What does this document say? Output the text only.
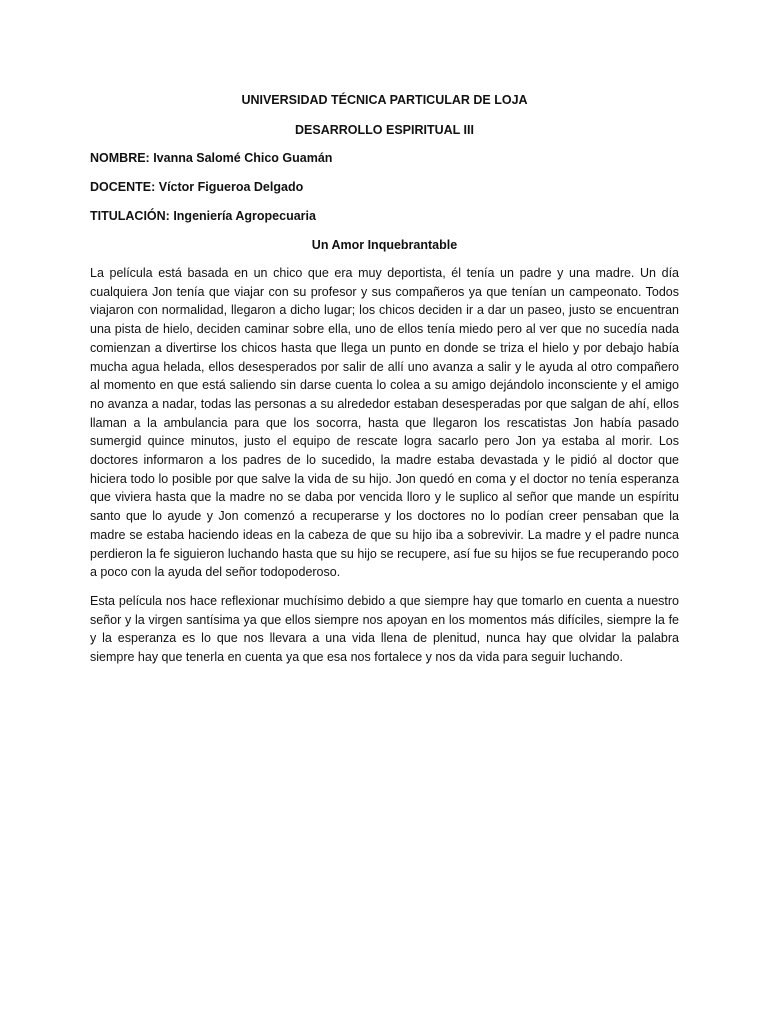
UNIVERSIDAD TÉCNICA PARTICULAR DE LOJA

DESARROLLO ESPIRITUAL III

NOMBRE: Ivanna Salomé Chico Guamán

DOCENTE: Víctor Figueroa Delgado

TITULACIÓN: Ingeniería Agropecuaria

Un Amor Inquebrantable

La película está basada en un chico que era muy deportista, él tenía un padre y una madre. Un día cualquiera Jon tenía que viajar con su profesor y sus compañeros ya que tenían un campeonato. Todos viajaron con normalidad, llegaron a dicho lugar; los chicos deciden ir a dar un paseo, justo se encuentran una pista de hielo, deciden caminar sobre ella, uno de ellos tenía miedo pero al ver que no sucedía nada comienzan a divertirse los chicos hasta que llega un punto en donde se triza el hielo y por debajo había mucha agua helada, ellos desesperados por salir de allí uno avanza a salir y le ayuda al otro compañero al momento en que está saliendo sin darse cuenta lo colea a su amigo dejándolo inconsciente y el amigo no avanza a nadar, todas las personas a su alrededor estaban desesperadas por que salgan de ahí, ellos llaman a la ambulancia para que los socorra, hasta que llegaron los rescatistas Jon había pasado sumergid quince minutos, justo el equipo de rescate logra sacarlo pero Jon ya estaba al morir. Los doctores informaron a los padres de lo sucedido, la madre estaba devastada y le pidió al doctor que hiciera todo lo posible por que salve la vida de su hijo. Jon quedó en coma y el doctor no tenía esperanza que viviera hasta que la madre no se daba por vencida lloro y le suplico al señor que mande un espíritu santo que lo ayude y Jon comenzó a recuperarse y los doctores no lo podían creer pensaban que la madre se estaba haciendo ideas en la cabeza de que su hijo iba a sobrevivir. La madre y el padre nunca perdieron la fe siguieron luchando hasta que su hijo se recupere, así fue su hijos se fue recuperando poco a poco con la ayuda del señor todopoderoso.

Esta película nos hace reflexionar muchísimo debido a que siempre hay que tomarlo en cuenta a nuestro señor y la virgen santísima ya que ellos siempre nos apoyan en los momentos más difíciles, siempre la fe y la esperanza es lo que nos llevara a una vida llena de plenitud, nunca hay que olvidar la palabra siempre hay que tenerla en cuenta ya que esa nos fortalece y nos da vida para seguir luchando.
